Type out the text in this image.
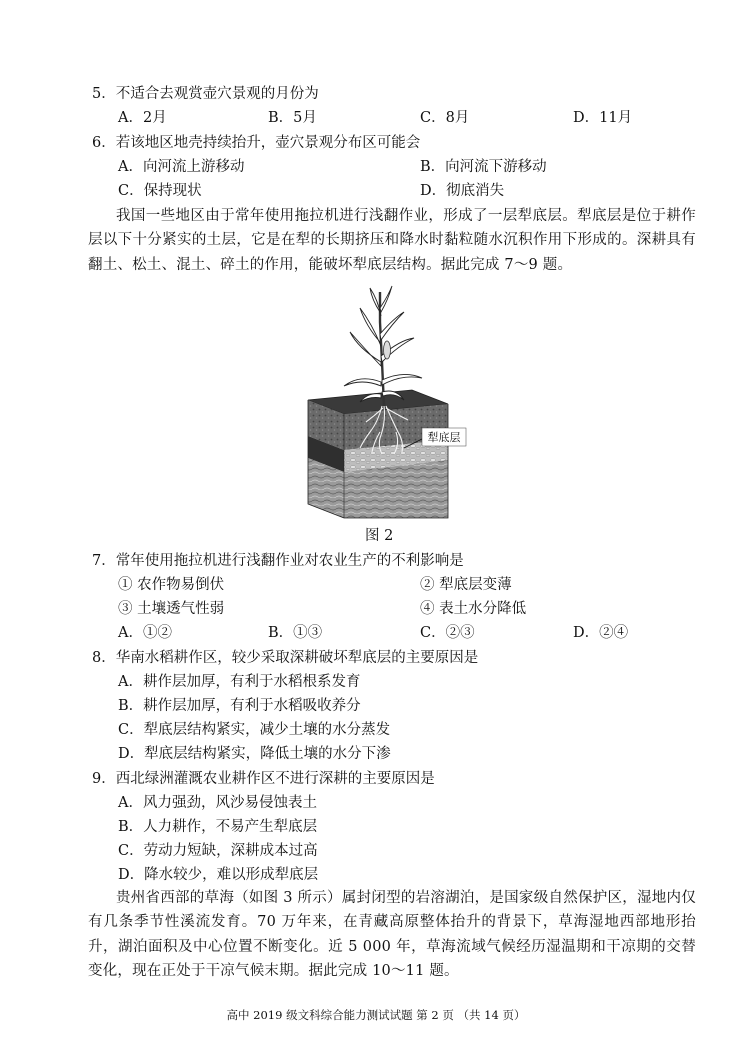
5．不适合去观赏壶穴景观的月份为
A．2月	B．5月	C．8月	D．11月
6．若该地区地壳持续抬升，壶穴景观分布区可能会
A．向河流上游移动	B．向河流下游移动
C．保持现状	D．彻底消失
我国一些地区由于常年使用拖拉机进行浅翻作业，形成了一层犁底层。犁底层是位于耕作层以下十分紧实的土层，它是在犁的长期挤压和降水时黏粒随水沉积作用下形成的。深耕具有翻土、松土、混土、碎土的作用，能破坏犁底层结构。据此完成 7～9 题。
犁底层
图 2
7．常年使用拖拉机进行浅翻作业对农业生产的不利影响是
① 农作物易倒伏	② 犁底层变薄
③ 土壤透气性弱	④ 表土水分降低
A．①②	B．①③	C．②③	D．②④
8．华南水稻耕作区，较少采取深耕破坏犁底层的主要原因是
A．耕作层加厚，有利于水稻根系发育
B．耕作层加厚，有利于水稻吸收养分
C．犁底层结构紧实，减少土壤的水分蒸发
D．犁底层结构紧实，降低土壤的水分下渗
9．西北绿洲灌溉农业耕作区不进行深耕的主要原因是
A．风力强劲，风沙易侵蚀表土
B．人力耕作，不易产生犁底层
C．劳动力短缺，深耕成本过高
D．降水较少，难以形成犁底层
贵州省西部的草海（如图 3 所示）属封闭型的岩溶湖泊，是国家级自然保护区，湿地内仅有几条季节性溪流发育。70 万年来，在青藏高原整体抬升的背景下，草海湿地西部地形抬升，湖泊面积及中心位置不断变化。近 5 000 年，草海流域气候经历湿温期和干凉期的交替变化，现在正处于干凉气候末期。据此完成 10～11 题。
高中 2019 级文科综合能力测试试题 第 2 页 （共 14 页）
